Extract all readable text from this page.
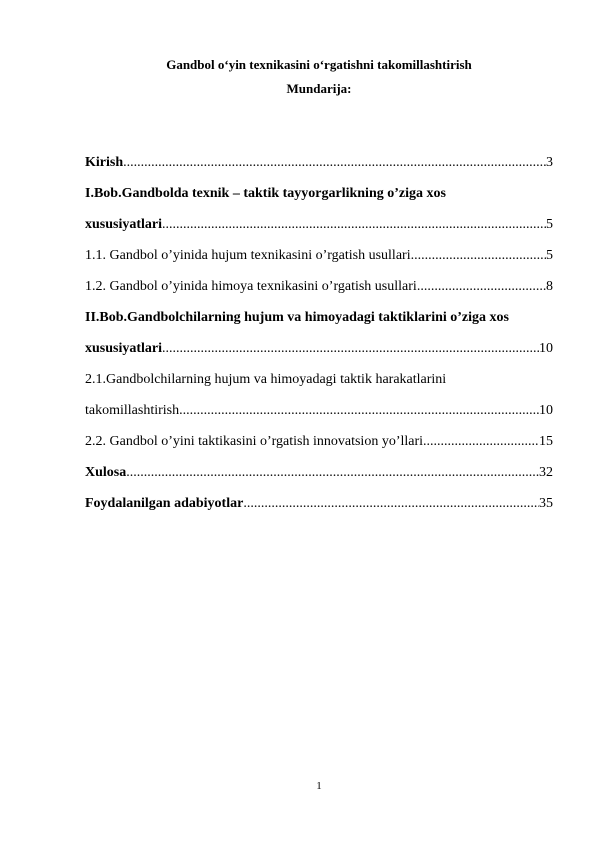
Gandbol o‘yin texnikasini o‘rgatishni takomillashtirish
Mundarija:
Kirish .....	3
I.Bob.Gandbolda texnik – taktik tayyorgarlikning o’ziga xos
xususiyatlari .....	5
1.1. Gandbol o’yinida hujum texnikasini o’rgatish usullari .....	5
1.2. Gandbol o’yinida himoya texnikasini o’rgatish usullari .....	8
II.Bob.Gandbolchilarning hujum va himoyadagi taktiklarini o’ziga xos
xususiyatlari .....	10
2.1.Gandbolchilarning hujum va himoyadagi taktik harakatlarini
takomillashtirish .....	10
2.2. Gandbol o’yini taktikasini o’rgatish innovatsion yo’llari .....	15
Xulosa .....	32
Foydalanilgan adabiyotlar .....	35
1
